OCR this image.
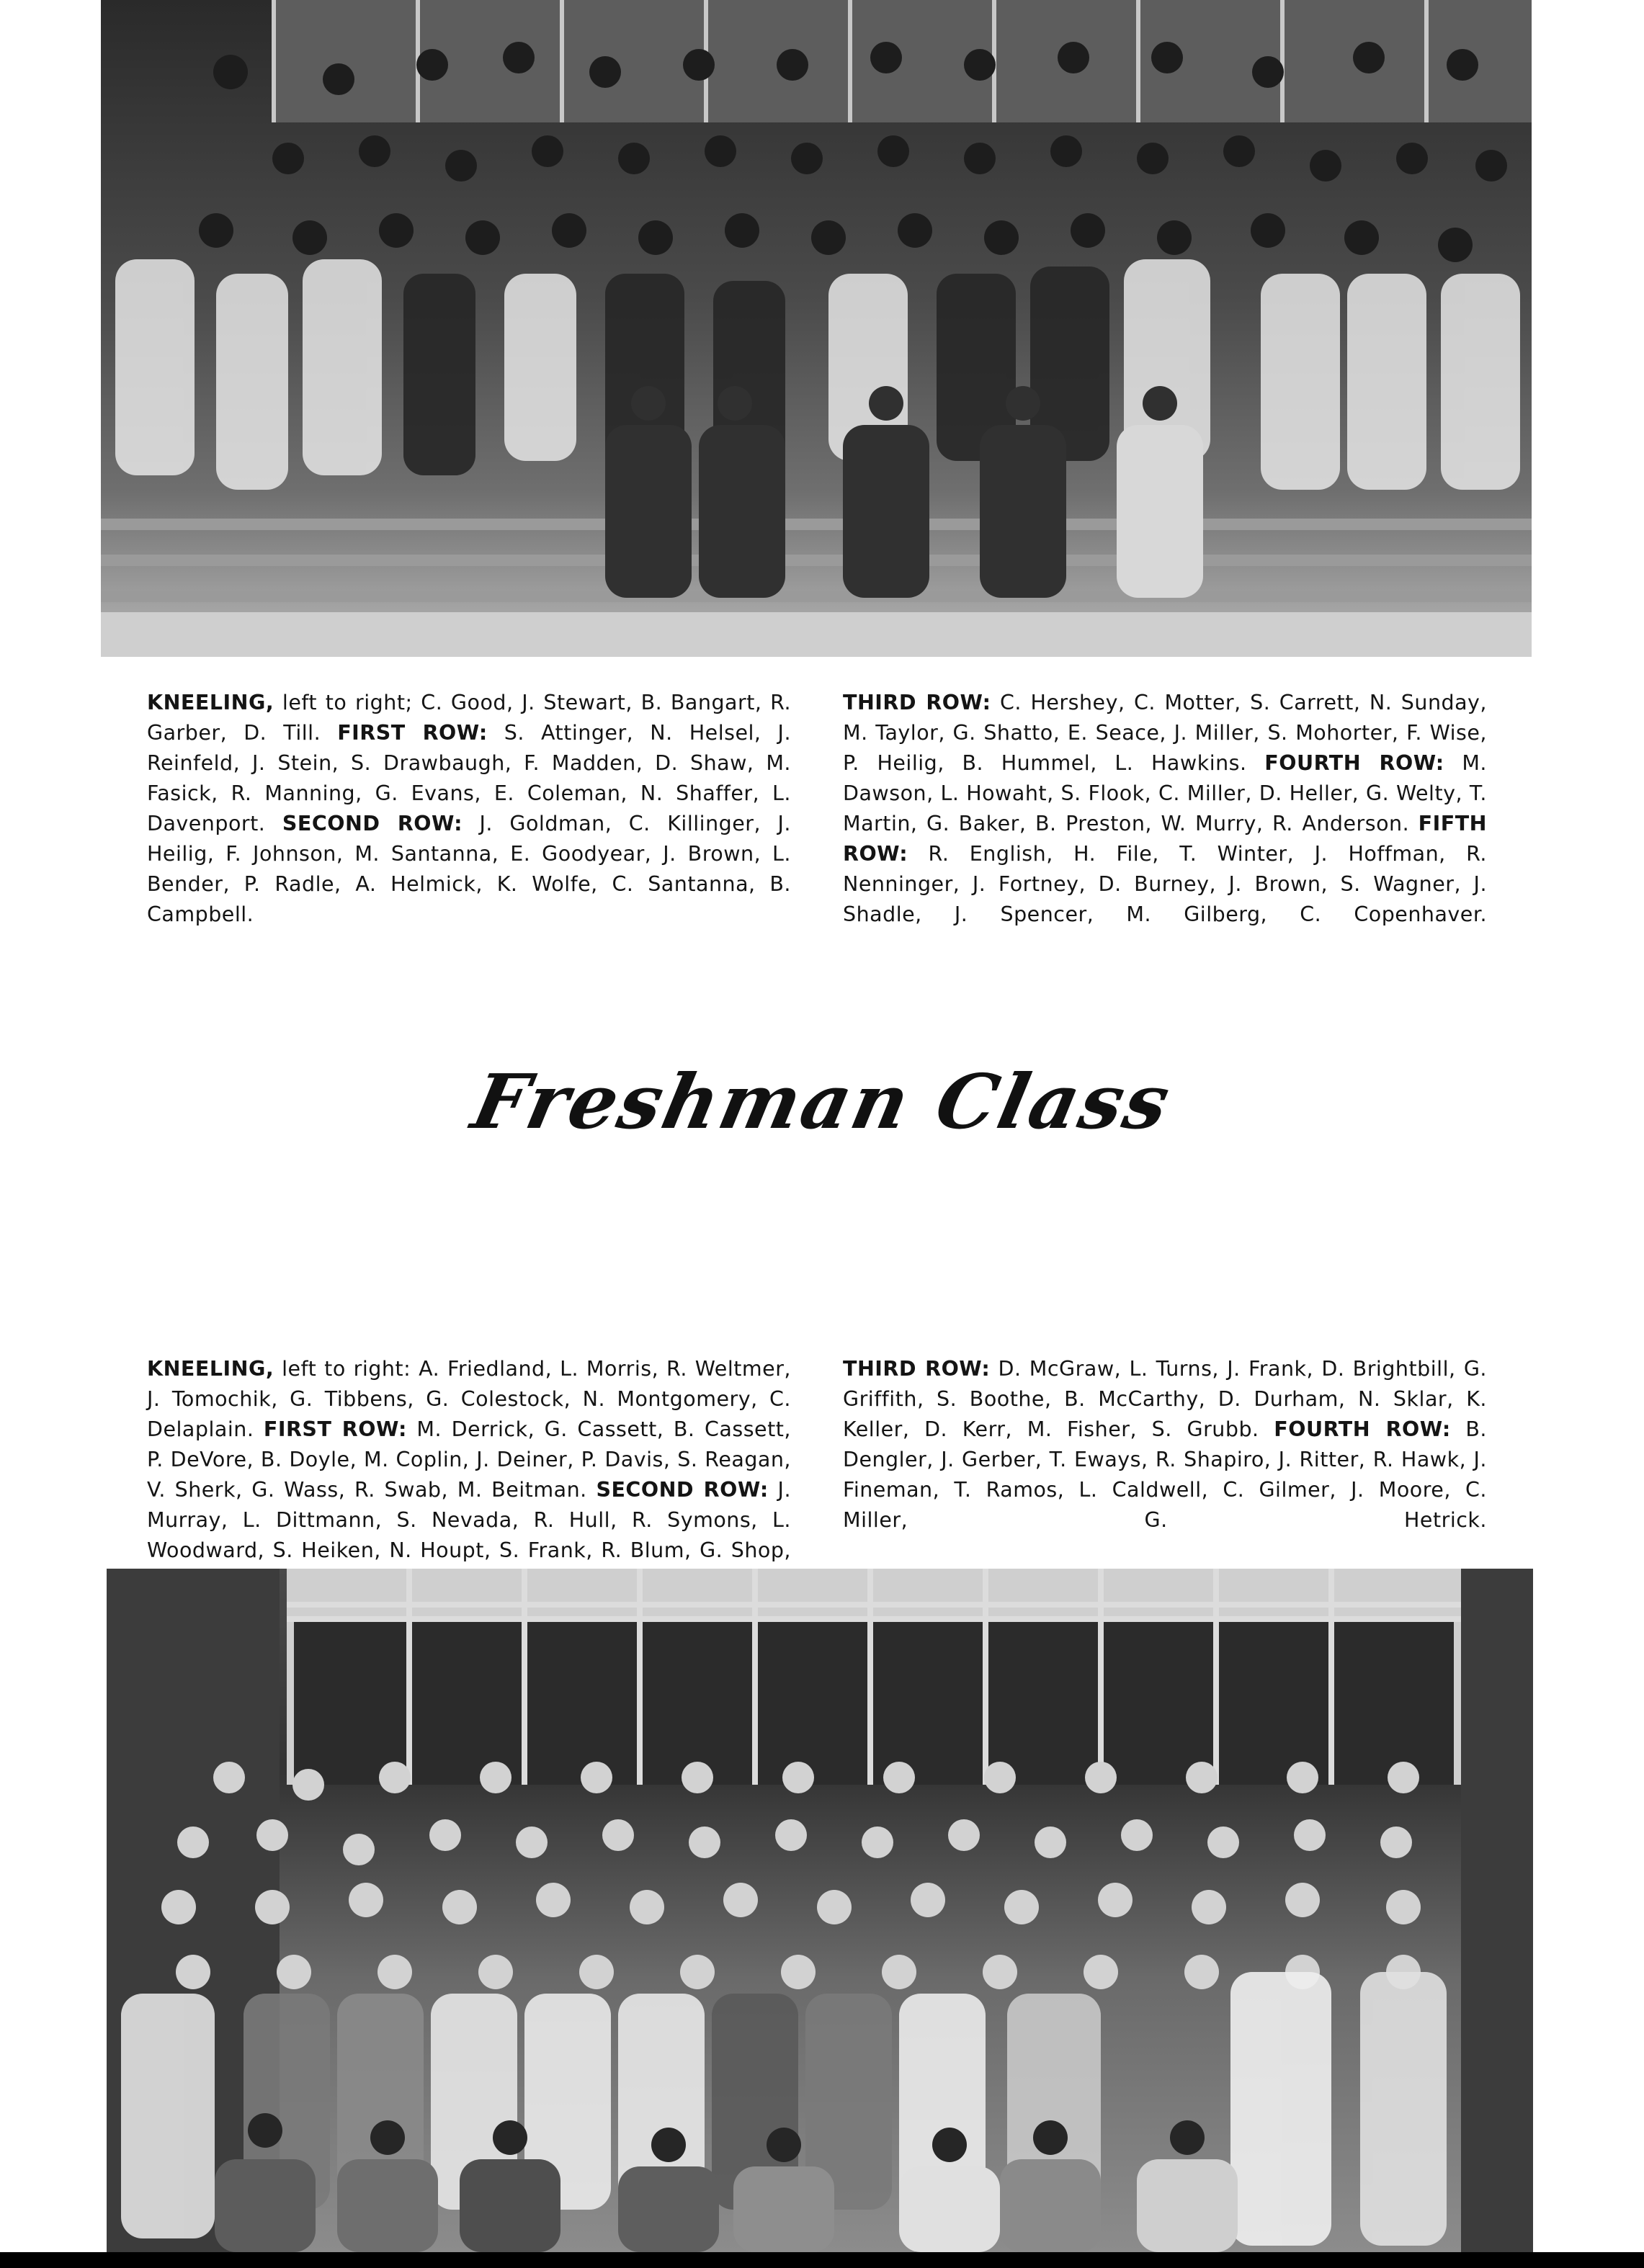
KNEELING, left to right; C. Good, J. Stewart, B. Bangart, R. Garber, D. Till. FIRST ROW: S. Attinger, N. Helsel, J. Reinfeld, J. Stein, S. Drawbaugh, F. Madden, D. Shaw, M. Fasick, R. Manning, G. Evans, E. Coleman, N. Shaffer, L. Davenport. SECOND ROW: J. Goldman, C. Killinger, J. Heilig, F. Johnson, M. Santanna, E. Goodyear, J. Brown, L. Bender, P. Radle, A. Helmick, K. Wolfe, C. Santanna, B. Campbell.

THIRD ROW: C. Hershey, C. Motter, S. Carrett, N. Sunday, M. Taylor, G. Shatto, E. Seace, J. Miller, S. Mohorter, F. Wise, P. Heilig, B. Hummel, L. Hawkins. FOURTH ROW: M. Dawson, L. Howaht, S. Flook, C. Miller, D. Heller, G. Welty, T. Martin, G. Baker, B. Preston, W. Murry, R. Anderson. FIFTH ROW: R. English, H. File, T. Winter, J. Hoffman, R. Nenninger, J. Fortney, D. Burney, J. Brown, S. Wagner, J. Shadle, J. Spencer, M. Gilberg, C. Copenhaver.

Freshman Class

KNEELING, left to right: A. Friedland, L. Morris, R. Weltmer, J. Tomochik, G. Tibbens, G. Colestock, N. Montgomery, C. Delaplain. FIRST ROW: M. Derrick, G. Cassett, B. Cassett, P. DeVore, B. Doyle, M. Coplin, J. Deiner, P. Davis, S. Reagan, V. Sherk, G. Wass, R. Swab, M. Beitman. SECOND ROW: J. Murray, L. Dittmann, S. Nevada, R. Hull, R. Symons, L. Woodward, S. Heiken, N. Houpt, S. Frank, R. Blum, G. Shop,

THIRD ROW: D. McGraw, L. Turns, J. Frank, D. Brightbill, G. Griffith, S. Boothe, B. McCarthy, D. Durham, N. Sklar, K. Keller, D. Kerr, M. Fisher, S. Grubb. FOURTH ROW: B. Dengler, J. Gerber, T. Eways, R. Shapiro, J. Ritter, R. Hawk, J. Fineman, T. Ramos, L. Caldwell, C. Gilmer, J. Moore, C. Miller, G. Hetrick.
